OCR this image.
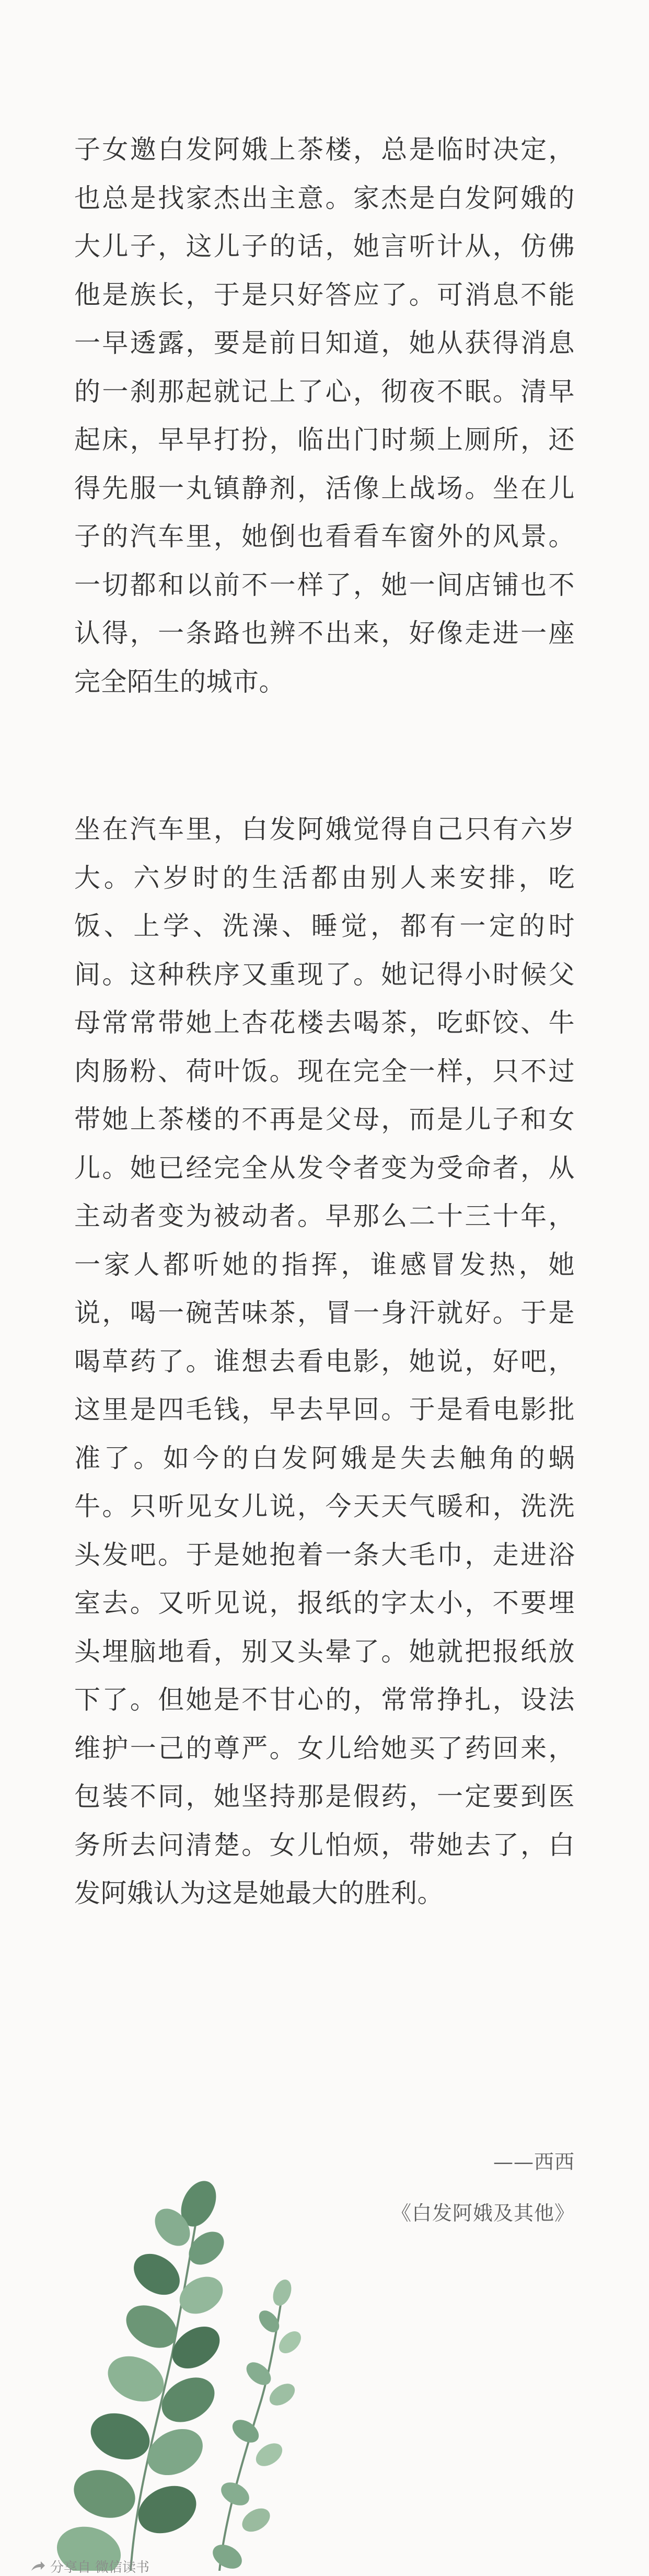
子女邀白发阿娥上茶楼，总是临时决定，也总是找家杰出主意。家杰是白发阿娥的大儿子，这儿子的话，她言听计从，仿佛他是族长，于是只好答应了。可消息不能一早透露，要是前日知道，她从获得消息的一刹那起就记上了心，彻夜不眠。清早起床，早早打扮，临出门时频上厕所，还得先服一丸镇静剂，活像上战场。坐在儿子的汽车里，她倒也看看车窗外的风景。一切都和以前不一样了，她一间店铺也不认得，一条路也辨不出来，好像走进一座完全陌生的城市。

坐在汽车里，白发阿娥觉得自己只有六岁大。六岁时的生活都由别人来安排，吃饭、上学、洗澡、睡觉，都有一定的时间。这种秩序又重现了。她记得小时候父母常常带她上杏花楼去喝茶，吃虾饺、牛肉肠粉、荷叶饭。现在完全一样，只不过带她上茶楼的不再是父母，而是儿子和女儿。她已经完全从发令者变为受命者，从主动者变为被动者。早那么二十三十年，一家人都听她的指挥，谁感冒发热，她说，喝一碗苦味茶，冒一身汗就好。于是喝草药了。谁想去看电影，她说，好吧，这里是四毛钱，早去早回。于是看电影批准了。如今的白发阿娥是失去触角的蜗牛。只听见女儿说，今天天气暖和，洗洗头发吧。于是她抱着一条大毛巾，走进浴室去。又听见说，报纸的字太小，不要埋头埋脑地看，别又头晕了。她就把报纸放下了。但她是不甘心的，常常挣扎，设法维护一己的尊严。女儿给她买了药回来，包装不同，她坚持那是假药，一定要到医务所去问清楚。女儿怕烦，带她去了，白发阿娥认为这是她最大的胜利。

——西西
《白发阿娥及其他》
分享自 微信读书
